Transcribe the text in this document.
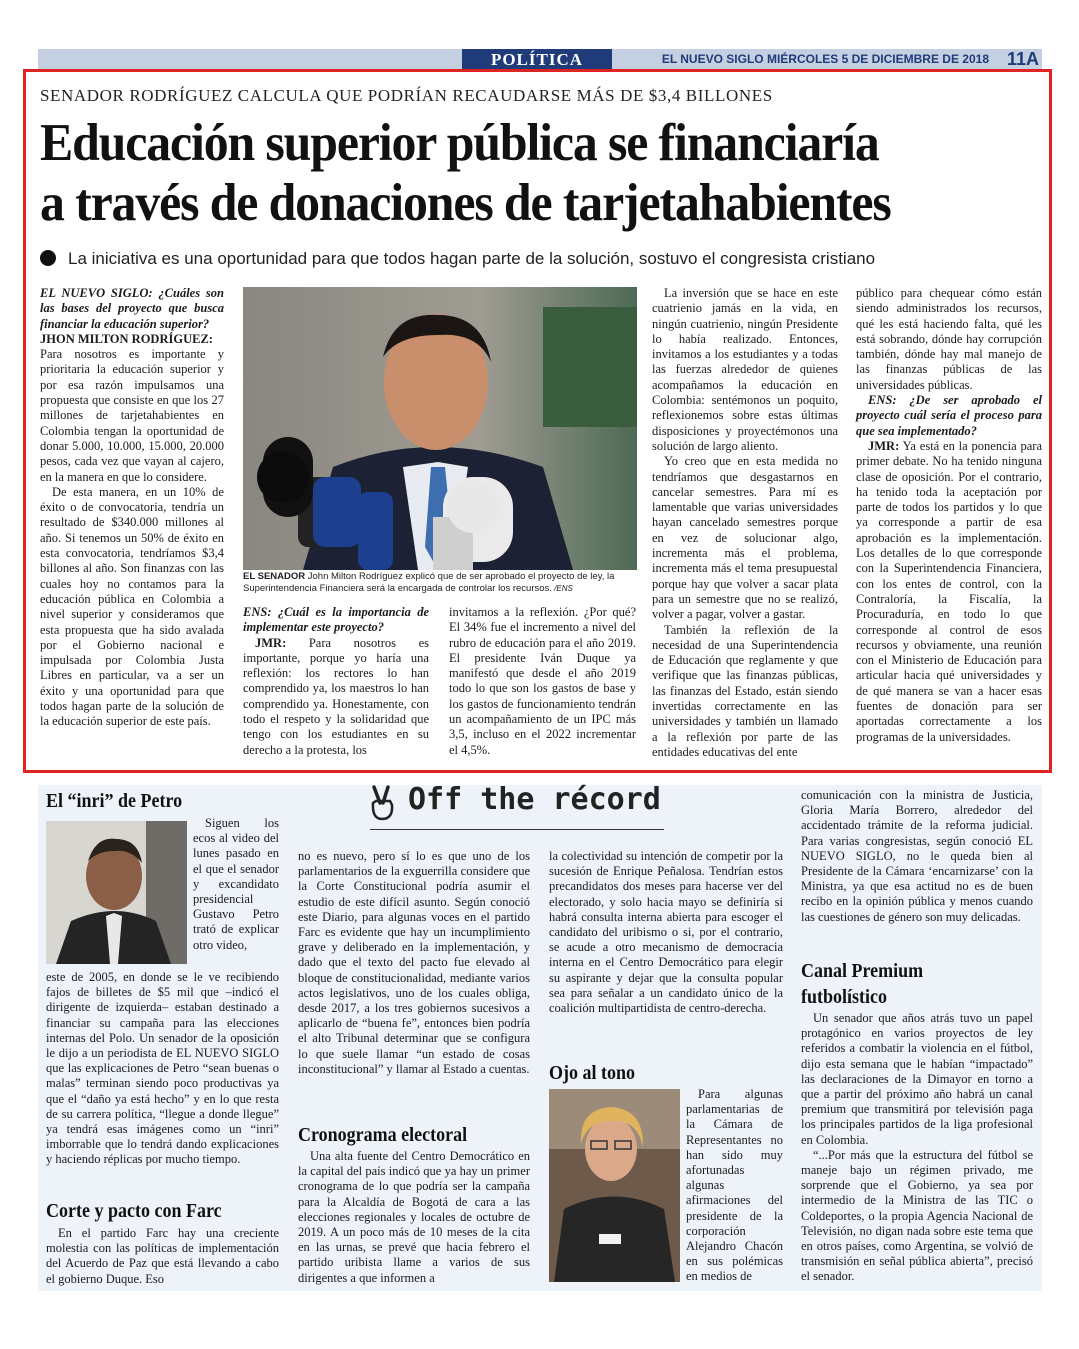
POLÍTICA	EL NUEVO SIGLO MIÉRCOLES 5 DE DICIEMBRE DE 2018 11A
SENADOR RODRÍGUEZ CALCULA QUE PODRÍAN RECAUDARSE MÁS DE $3,4 BILLONES
Educación superior pública se financiaría
a través de donaciones de tarjetahabientes
La iniciativa es una oportunidad para que todos hagan parte de la solución, sostuvo el congresista cristiano

EL NUEVO SIGLO: ¿Cuáles son las bases del proyecto que busca financiar la educación superior?

JHON MILTON RODRÍGUEZ:

Para nosotros es importante y prioritaria la educación superior y por esa razón impulsamos una propuesta que consiste en que los 27 millones de tarjetahabientes en Colombia tengan la oportunidad de donar 5.000, 10.000, 15.000, 20.000 pesos, cada vez que vayan al cajero, en la manera en que lo considere.

De esta manera, en un 10% de éxito o de convocatoria, tendría un resultado de $340.000 millones al año. Si tenemos un 50% de éxito en esta convocatoria, tendríamos $3,4 billones al año. Son finanzas con las cuales hoy no contamos para la educación pública en Colombia a nivel superior y consideramos que esta propuesta que ha sido avalada por el Gobierno nacional e impulsada por Colombia Justa Libres en particular, va a ser un éxito y una oportunidad para que todos hagan parte de la solución de la educación superior de este país.

EL SENADOR John Milton Rodríguez explicó que de ser aprobado el proyecto de ley, la Superintendencia Financiera será la encargada de controlar los recursos. /ENS

ENS: ¿Cuál es la importancia de implementar este proyecto?

JMR: Para nosotros es importante, porque yo haría una reflexión: los rectores lo han comprendido ya, los maestros lo han comprendido ya. Honestamente, con todo el respeto y la solidaridad que tengo con los estudiantes en su derecho a la protesta, los

invitamos a la reflexión. ¿Por qué? El 34% fue el incremento a nivel del rubro de educación para el año 2019. El presidente Iván Duque ya manifestó que desde el año 2019 todo lo que son los gastos de base y los gastos de funcionamiento tendrán un acompañamiento de un IPC más 3,5, incluso en el 2022 incrementar el 4,5%.

La inversión que se hace en este cuatrienio jamás en la vida, en ningún cuatrienio, ningún Presidente lo había realizado. Entonces, invitamos a los estudiantes y a todas las fuerzas alrededor de quienes acompañamos la educación en Colombia: sentémonos un poquito, reflexionemos sobre estas últimas disposiciones y proyectémonos una solución de largo aliento.

Yo creo que en esta medida no tendríamos que desgastarnos en cancelar semestres. Para mí es lamentable que varias universidades hayan cancelado semestres porque en vez de solucionar algo, incrementa más el problema, incrementa más el tema presupuestal porque hay que volver a sacar plata para un semestre que no se realizó, volver a pagar, volver a gastar.

También la reflexión de la necesidad de una Superintendencia de Educación que reglamente y que verifique que las finanzas públicas, las finanzas del Estado, están siendo invertidas correctamente en las universidades y también un llamado a la reflexión por parte de las entidades educativas del ente

público para chequear cómo están siendo administrados los recursos, qué les está haciendo falta, qué les está sobrando, dónde hay corrupción también, dónde hay mal manejo de las finanzas públicas de las universidades públicas.

ENS: ¿De ser aprobado el proyecto cuál sería el proceso para que sea implementado?

JMR: Ya está en la ponencia para primer debate. No ha tenido ninguna clase de oposición. Por el contrario, ha tenido toda la aceptación por parte de todos los partidos y lo que ya corresponde a partir de esa aprobación es la implementación. Los detalles de lo que corresponde con la Superintendencia Financiera, con los entes de control, con la Contraloría, la Fiscalía, la Procuraduría, en todo lo que corresponde al control de esos recursos y obviamente, una reunión con el Ministerio de Educación para articular hacia qué universidades y de qué manera se van a hacer esas fuentes de donación para ser aportadas correctamente a los programas de la universidades.

Off the récord
El “inri” de Petro

Siguen los ecos al video del lunes pasado en el que el senador y excandidato presidencial Gustavo Petro trató de explicar otro video,

este de 2005, en donde se le ve recibiendo fajos de billetes de $5 mil que –indicó el dirigente de izquierda– estaban destinado a financiar su campaña para las elecciones internas del Polo. Un senador de la oposición le dijo a un periodista de EL NUEVO SIGLO que las explicaciones de Petro “sean buenas o malas” terminan siendo poco productivas ya que el “daño ya está hecho” y en lo que resta de su carrera política, “llegue a donde llegue” ya tendrá esas imágenes como un “inri” imborrable que lo tendrá dando explicaciones y haciendo réplicas por mucho tiempo.

Corte y pacto con Farc

En el partido Farc hay una creciente molestia con las políticas de implementación del Acuerdo de Paz que está llevando a cabo el gobierno Duque. Eso

no es nuevo, pero sí lo es que uno de los parlamentarios de la exguerrilla considere que la Corte Constitucional podría asumir el estudio de este difícil asunto. Según conoció este Diario, para algunas voces en el partido Farc es evidente que hay un incumplimiento grave y deliberado en la implementación, y dado que el texto del pacto fue elevado al bloque de constitucionalidad, mediante varios actos legislativos, uno de los cuales obliga, desde 2017, a los tres gobiernos sucesivos a aplicarlo de “buena fe”, entonces bien podría el alto Tribunal determinar que se configura lo que suele llamar “un estado de cosas inconstitucional” y llamar al Estado a cuentas.

Cronograma electoral

Una alta fuente del Centro Democrático en la capital del país indicó que ya hay un primer cronograma de lo que podría ser la campaña para la Alcaldía de Bogotá de cara a las elecciones regionales y locales de octubre de 2019. A un poco más de 10 meses de la cita en las urnas, se prevé que hacia febrero el partido uribista llame a varios de sus dirigentes a que informen a

la colectividad su intención de competir por la sucesión de Enrique Peñalosa. Tendrían estos precandidatos dos meses para hacerse ver del electorado, y solo hacia mayo se definiría si habrá consulta interna abierta para escoger el candidato del uribismo o si, por el contrario, se acude a otro mecanismo de democracia interna en el Centro Democrático para elegir su aspirante y dejar que la consulta popular sea para señalar a un candidato único de la coalición multipartidista de centro-derecha.

Ojo al tono

Para algunas parlamentarias de la Cámara de Representantes no han sido muy afortunadas algunas afirmaciones del presidente de la corporación Alejandro Chacón en sus polémicas en medios de

comunicación con la ministra de Justicia, Gloria María Borrero, alrededor del accidentado trámite de la reforma judicial. Para varias congresistas, según conoció EL NUEVO SIGLO, no le queda bien al Presidente de la Cámara ‘encarnizarse’ con la Ministra, ya que esa actitud no es de buen recibo en la opinión pública y menos cuando las cuestiones de género son muy delicadas.

Canal Premium
futbolístico

Un senador que años atrás tuvo un papel protagónico en varios proyectos de ley referidos a combatir la violencia en el fútbol, dijo esta semana que le habían “impactado” las declaraciones de la Dimayor en torno a que a partir del próximo año habrá un canal premium que transmitirá por televisión paga los principales partidos de la liga profesional en Colombia.

“...Por más que la estructura del fútbol se maneje bajo un régimen privado, me sorprende que el Gobierno, ya sea por intermedio de la Ministra de las TIC o Coldeportes, o la propia Agencia Nacional de Televisión, no digan nada sobre este tema que en otros países, como Argentina, se volvió de transmisión en señal pública abierta”, precisó el senador.
